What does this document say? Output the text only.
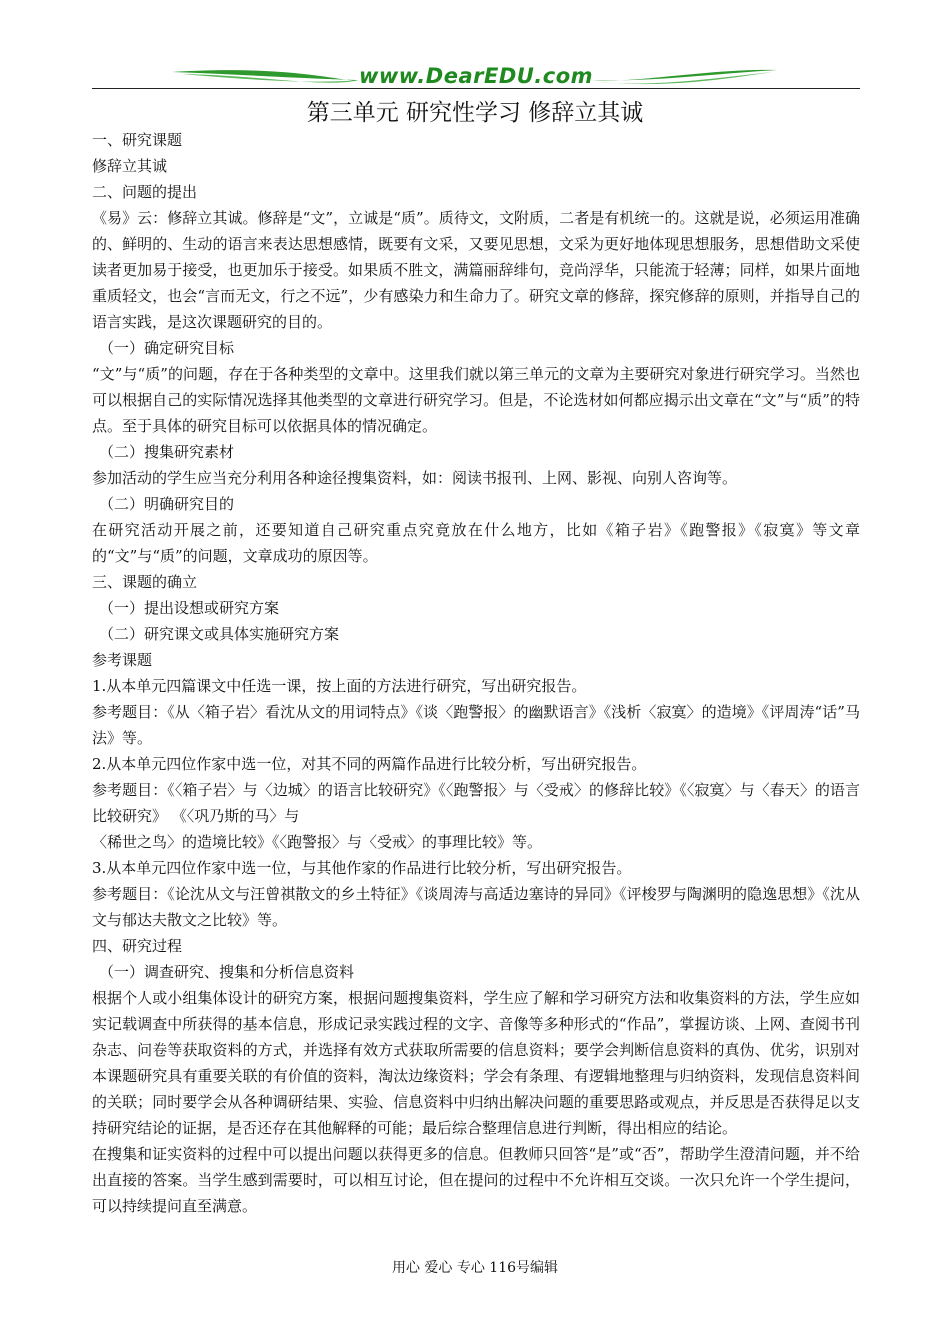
www.DearEDU.com
第三单元 研究性学习 修辞立其诚

一、研究课题

修辞立其诚

二、问题的提出

《易》云：修辞立其诚。修辞是“文”，立诚是“质”。质待文，文附质，二者是有机统一的。这就是说，必须运用准确的、鲜明的、生动的语言来表达思想感情，既要有文采，又要见思想，文采为更好地体现思想服务，思想借助文采使读者更加易于接受，也更加乐于接受。如果质不胜文，满篇丽辞绯句，竞尚浮华，只能流于轻薄；同样，如果片面地重质轻文，也会“言而无文，行之不远”，少有感染力和生命力了。研究文章的修辞，探究修辞的原则，并指导自己的语言实践，是这次课题研究的目的。

（一）确定研究目标

“文”与“质”的问题，存在于各种类型的文章中。这里我们就以第三单元的文章为主要研究对象进行研究学习。当然也可以根据自己的实际情况选择其他类型的文章进行研究学习。但是，不论选材如何都应揭示出文章在“文”与“质”的特点。至于具体的研究目标可以依据具体的情况确定。

（二）搜集研究素材

参加活动的学生应当充分利用各种途径搜集资料，如：阅读书报刊、上网、影视、向别人咨询等。

（二）明确研究目的

在研究活动开展之前，还要知道自己研究重点究竟放在什么地方，比如《箱子岩》《跑警报》《寂寞》等文章的“文”与“质”的问题，文章成功的原因等。

三、课题的确立

（一）提出设想或研究方案

（二）研究课文或具体实施研究方案

参考课题

1.从本单元四篇课文中任选一课，按上面的方法进行研究，写出研究报告。

参考题目：《从〈箱子岩〉看沈从文的用词特点》《谈〈跑警报〉的幽默语言》《浅析〈寂寞〉的造境》《评周涛“话”马法》等。

2.从本单元四位作家中选一位，对其不同的两篇作品进行比较分析，写出研究报告。

参考题目：《〈箱子岩〉与〈边城〉的语言比较研究》《〈跑警报〉与〈受戒〉的修辞比较》《〈寂寞〉与〈春天〉的语言比较研究》 《〈巩乃斯的马〉与

〈稀世之鸟〉的造境比较》《〈跑警报〉与〈受戒〉的事理比较》等。

3.从本单元四位作家中选一位，与其他作家的作品进行比较分析，写出研究报告。

参考题目：《论沈从文与汪曾祺散文的乡土特征》《谈周涛与高适边塞诗的异同》《评梭罗与陶渊明的隐逸思想》《沈从文与郁达夫散文之比较》等。

四、研究过程

（一）调查研究、搜集和分析信息资料

根据个人或小组集体设计的研究方案，根据问题搜集资料，学生应了解和学习研究方法和收集资料的方法，学生应如实记载调查中所获得的基本信息，形成记录实践过程的文字、音像等多种形式的“作品”，掌握访谈、上网、查阅书刊杂志、问卷等获取资料的方式，并选择有效方式获取所需要的信息资料；要学会判断信息资料的真伪、优劣，识别对本课题研究具有重要关联的有价值的资料，淘汰边缘资料；学会有条理、有逻辑地整理与归纳资料，发现信息资料间的关联；同时要学会从各种调研结果、实验、信息资料中归纳出解决问题的重要思路或观点，并反思是否获得足以支持研究结论的证据，是否还存在其他解释的可能；最后综合整理信息进行判断，得出相应的结论。

在搜集和证实资料的过程中可以提出问题以获得更多的信息。但教师只回答“是”或“否”，帮助学生澄清问题，并不给出直接的答案。当学生感到需要时，可以相互讨论，但在提问的过程中不允许相互交谈。一次只允许一个学生提问，可以持续提问直至满意。

用心 爱心 专心 116号编辑
